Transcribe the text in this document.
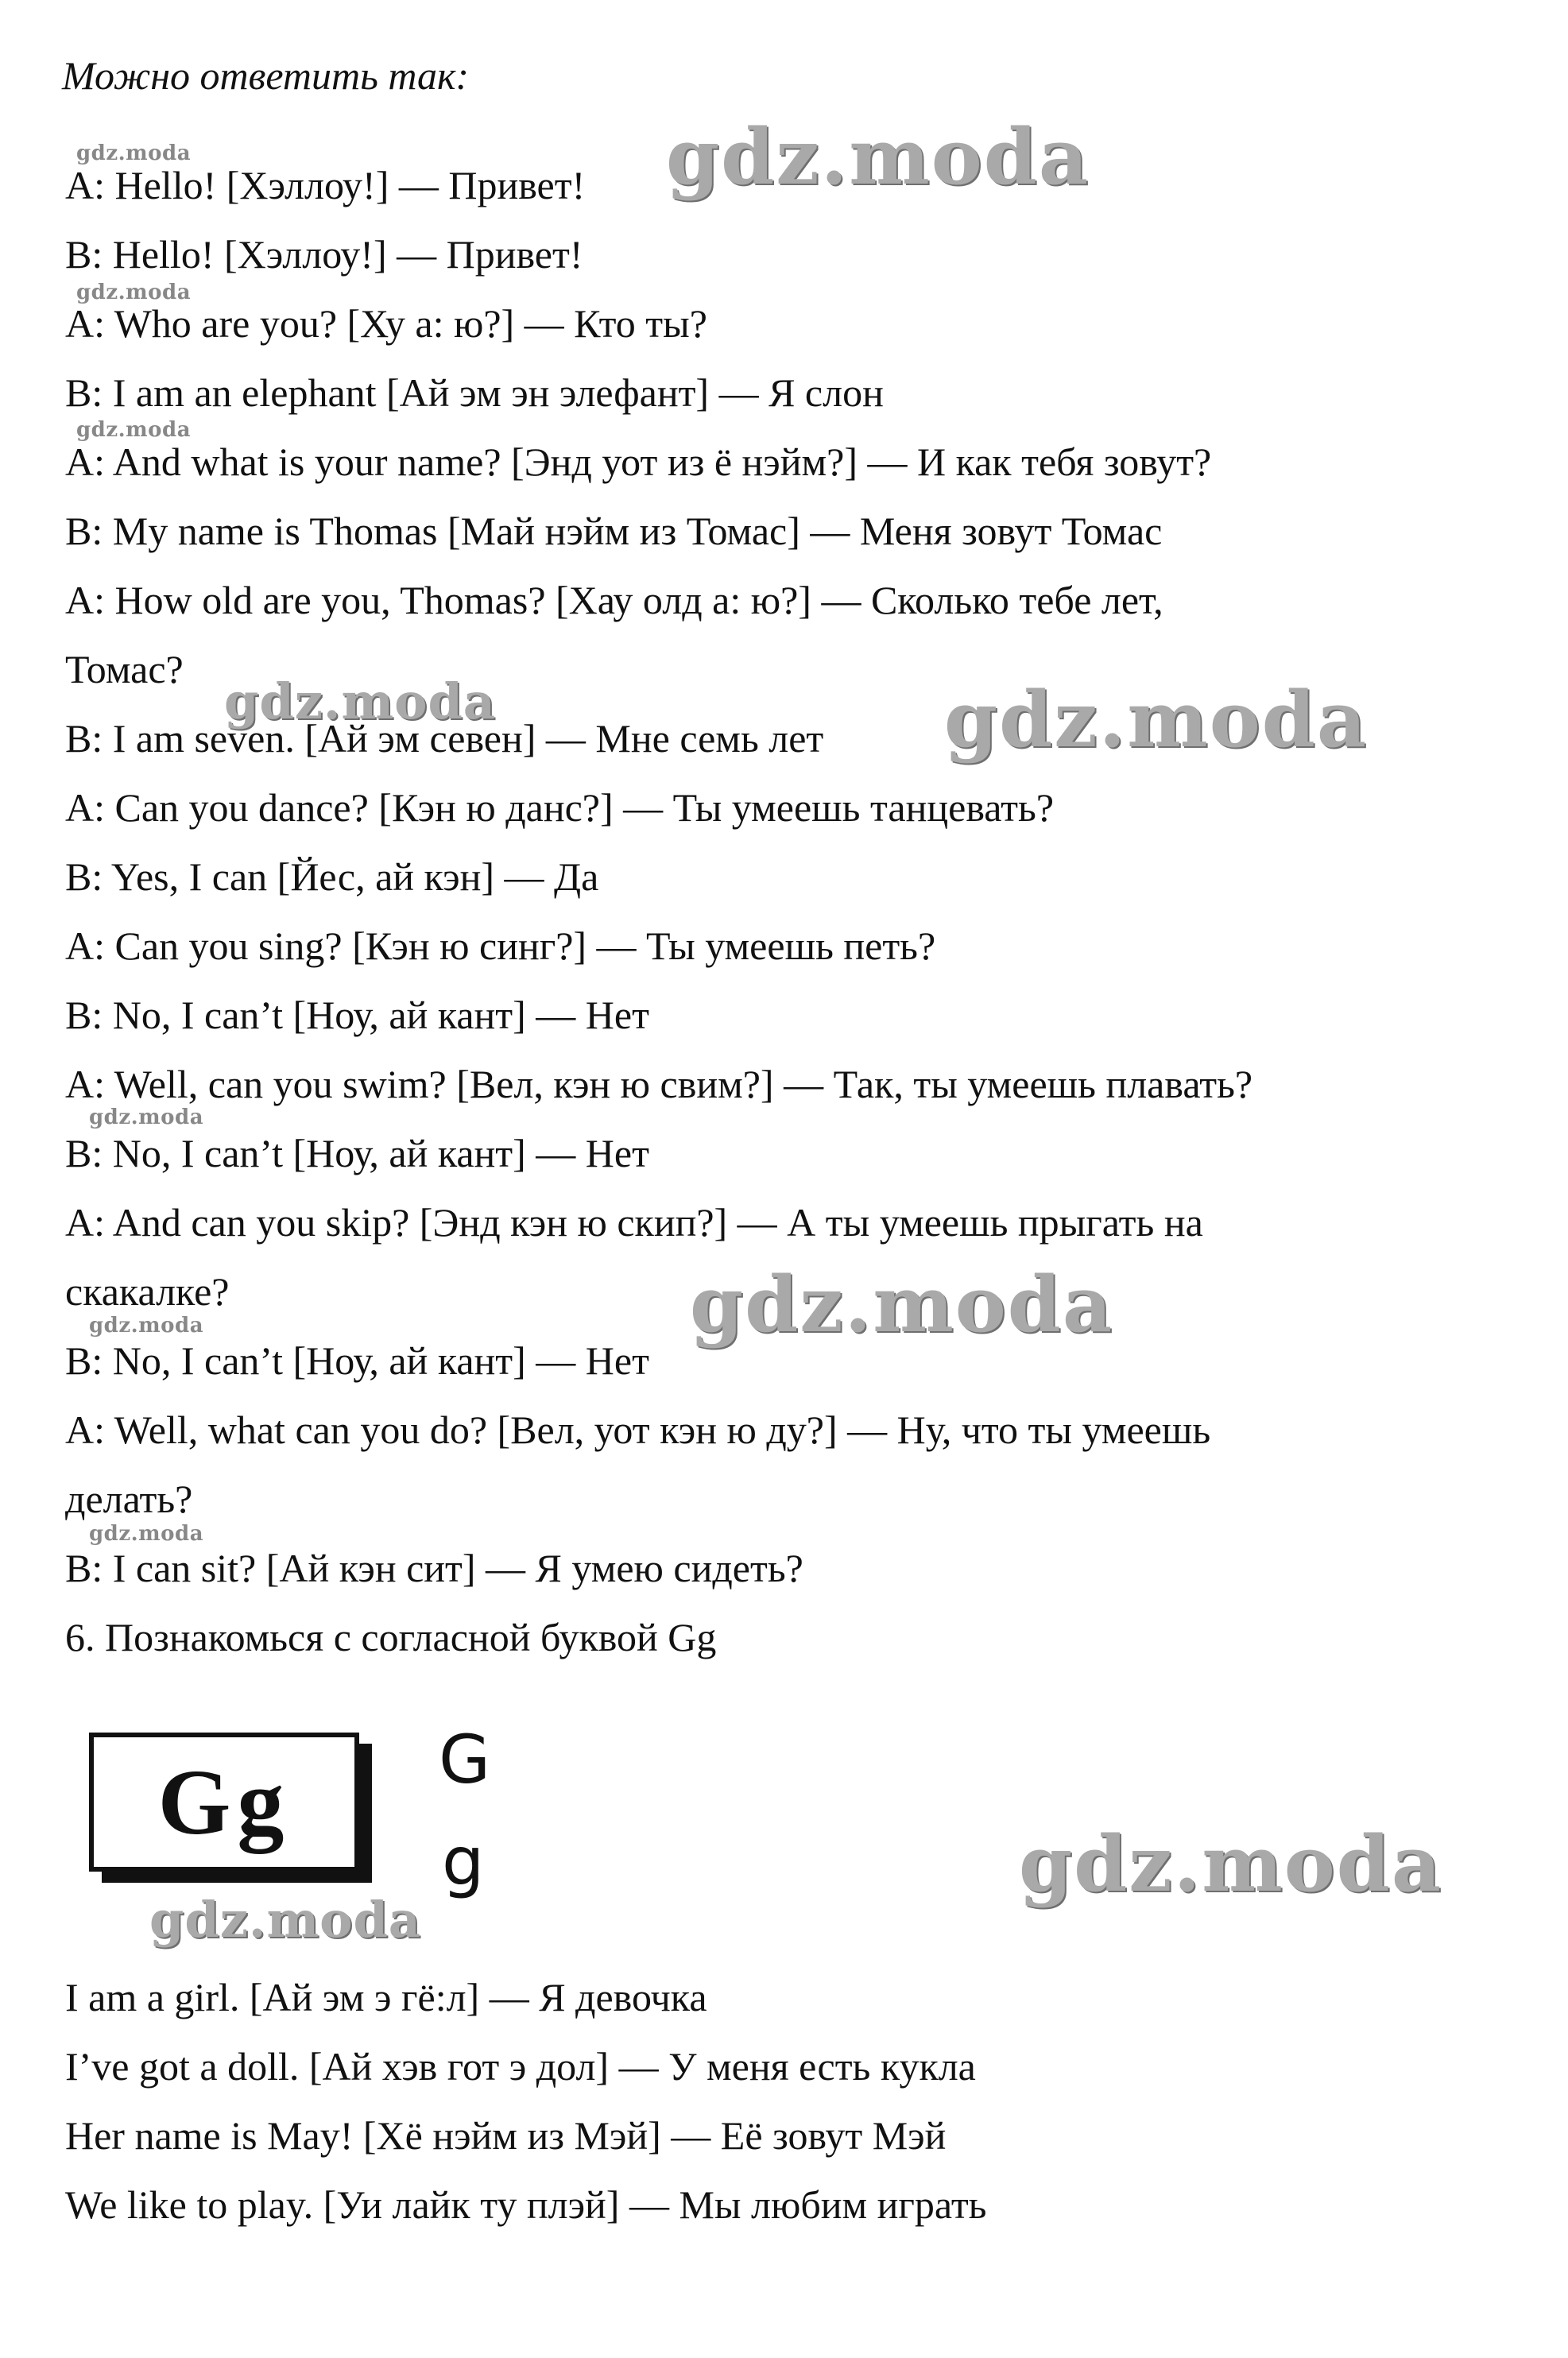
Можно ответить так:
A: Hello! [Хэллоу!] — Привет!
B: Hello! [Хэллоу!] — Привет!
A: Who are you? [Ху а: ю?] — Кто ты?
B: I am an elephant [Ай эм эн элефант] — Я слон
A: And what is your name? [Энд уот из ё нэйм?] — И как тебя зовут?
B: My name is Thomas [Май нэйм из Томас] — Меня зовут Томас
A: How old are you, Thomas? [Хау олд а: ю?] — Сколько тебе лет,
Томас?
B: I am seven. [Ай эм севен] — Мне семь лет
A: Can you dance? [Кэн ю данс?] — Ты умеешь танцевать?
B: Yes, I can [Йес, ай кэн] — Да
A: Can you sing? [Кэн ю синг?] — Ты умеешь петь?
B: No, I can’t [Ноу, ай кант] — Нет
A: Well, can you swim? [Вел, кэн ю свим?] — Так, ты умеешь плавать?
B: No, I can’t [Ноу, ай кант] — Нет
A: And can you skip? [Энд кэн ю скип?] — А ты умеешь прыгать на
скакалке?
B: No, I can’t [Ноу, ай кант] — Нет
A: Well, what can you do? [Вел, уот кэн ю ду?] — Ну, что ты умеешь
делать?
B: I can sit? [Ай кэн сит] — Я умею сидеть?
6. Познакомься с согласной буквой Gg
Gg G
g
I am a girl. [Ай эм э гё:л] — Я девочка
I’ve got a doll. [Ай хэв гот э дол] — У меня есть кукла
Her name is May! [Хё нэйм из Мэй] — Её зовут Мэй
We like to play. [Уи лайк ту плэй] — Мы любим играть
gdz.moda
gdz.moda
gdz.moda
gdz.moda
gdz.moda
gdz.moda
gdz.moda
gdz.moda
gdz.moda
gdz.moda
gdz.moda
gdz.moda
